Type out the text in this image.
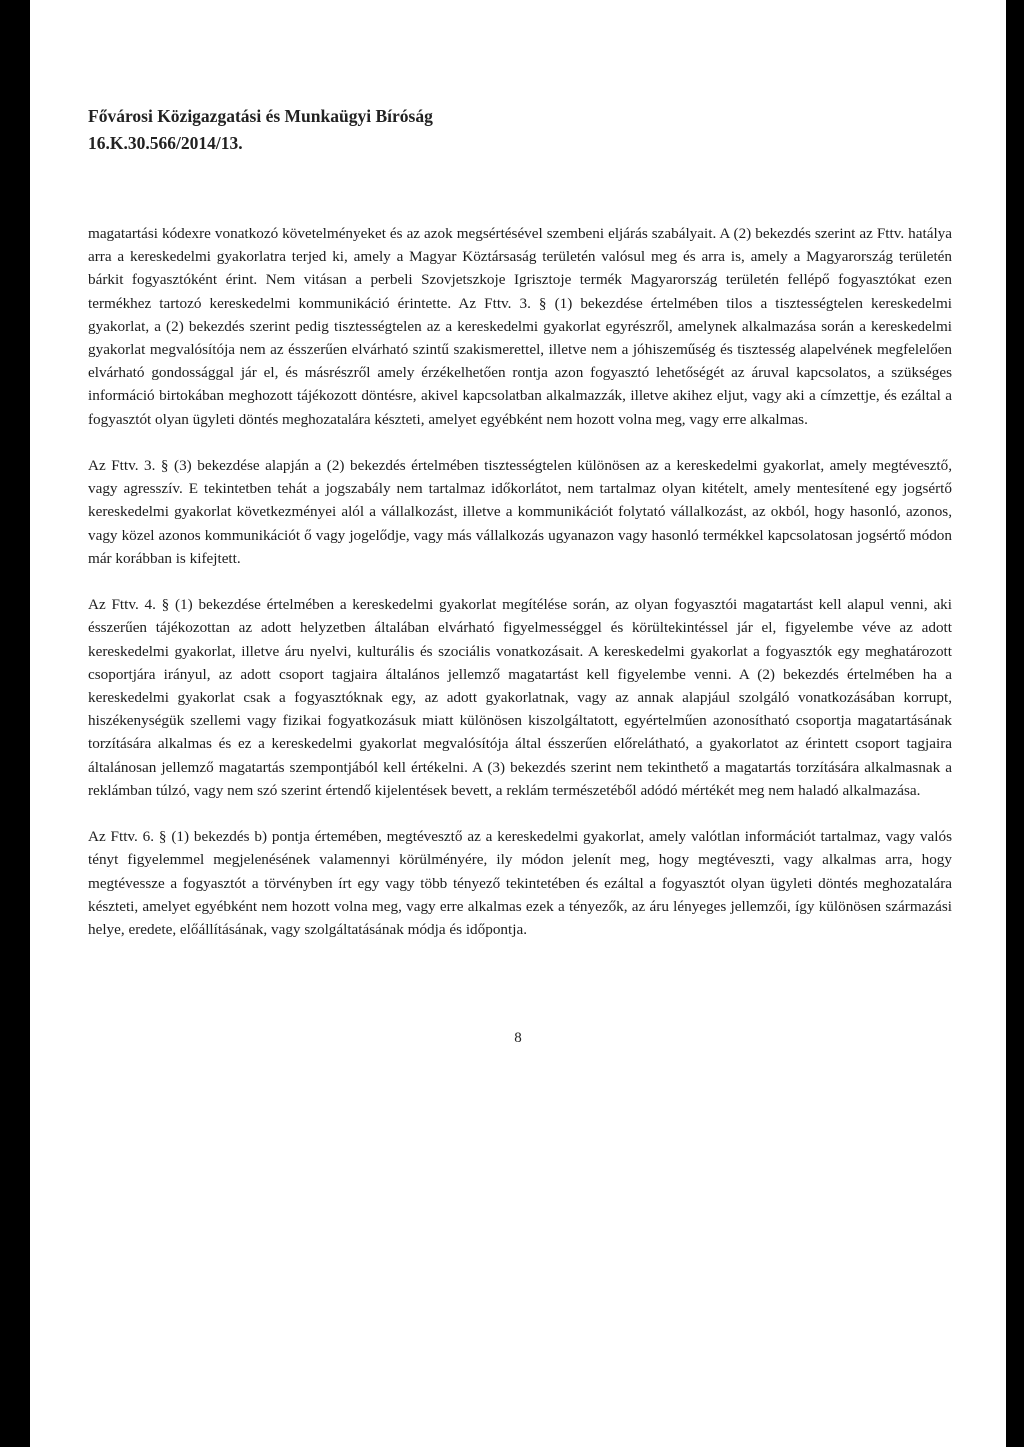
Fővárosi Közigazgatási és Munkaügyi Bíróság
16.K.30.566/2014/13.

magatartási kódexre vonatkozó követelményeket és az azok megsértésével szembeni eljárás szabályait. A (2) bekezdés szerint az Fttv. hatálya arra a kereskedelmi gyakorlatra terjed ki, amely a Magyar Köztársaság területén valósul meg és arra is, amely a Magyarország területén bárkit fogyasztóként érint. Nem vitásan a perbeli Szovjetszkoje Igrisztoje termék Magyarország területén fellépő fogyasztókat ezen termékhez tartozó kereskedelmi kommunikáció érintette. Az Fttv. 3. § (1) bekezdése értelmében tilos a tisztességtelen kereskedelmi gyakorlat, a (2) bekezdés szerint pedig tisztességtelen az a kereskedelmi gyakorlat egyrészről, amelynek alkalmazása során a kereskedelmi gyakorlat megvalósítója nem az ésszerűen elvárható szintű szakismerettel, illetve nem a jóhiszeműség és tisztesség alapelvének megfelelően elvárható gondossággal jár el, és másrészről amely érzékelhetően rontja azon fogyasztó lehetőségét az áruval kapcsolatos, a szükséges információ birtokában meghozott tájékozott döntésre, akivel kapcsolatban alkalmazzák, illetve akihez eljut, vagy aki a címzettje, és ezáltal a fogyasztót olyan ügyleti döntés meghozatalára készteti, amelyet egyébként nem hozott volna meg, vagy erre alkalmas.

Az Fttv. 3. § (3) bekezdése alapján a (2) bekezdés értelmében tisztességtelen különösen az a kereskedelmi gyakorlat, amely megtévesztő, vagy agresszív. E tekintetben tehát a jogszabály nem tartalmaz időkorlátot, nem tartalmaz olyan kitételt, amely mentesítené egy jogsértő kereskedelmi gyakorlat következményei alól a vállalkozást, illetve a kommunikációt folytató vállalkozást, az okból, hogy hasonló, azonos, vagy közel azonos kommunikációt ő vagy jogelődje, vagy más vállalkozás ugyanazon vagy hasonló termékkel kapcsolatosan jogsértő módon már korábban is kifejtett.

Az Fttv. 4. § (1) bekezdése értelmében a kereskedelmi gyakorlat megítélése során, az olyan fogyasztói magatartást kell alapul venni, aki ésszerűen tájékozottan az adott helyzetben általában elvárható figyelmességgel és körültekintéssel jár el, figyelembe véve az adott kereskedelmi gyakorlat, illetve áru nyelvi, kulturális és szociális vonatkozásait. A kereskedelmi gyakorlat a fogyasztók egy meghatározott csoportjára irányul, az adott csoport tagjaira általános jellemző magatartást kell figyelembe venni. A (2) bekezdés értelmében ha a kereskedelmi gyakorlat csak a fogyasztóknak egy, az adott gyakorlatnak, vagy az annak alapjául szolgáló vonatkozásában korrupt, hiszékenységük szellemi vagy fizikai fogyatkozásuk miatt különösen kiszolgáltatott, egyértelműen azonosítható csoportja magatartásának torzítására alkalmas és ez a kereskedelmi gyakorlat megvalósítója által ésszerűen előrelátható, a gyakorlatot az érintett csoport tagjaira általánosan jellemző magatartás szempontjából kell értékelni. A (3) bekezdés szerint nem tekinthető a magatartás torzítására alkalmasnak a reklámban túlzó, vagy nem szó szerint értendő kijelentések bevett, a reklám természetéből adódó mértékét meg nem haladó alkalmazása.

Az Fttv. 6. § (1) bekezdés b) pontja értemében, megtévesztő az a kereskedelmi gyakorlat, amely valótlan információt tartalmaz, vagy valós tényt figyelemmel megjelenésének valamennyi körülményére, ily módon jelenít meg, hogy megtéveszti, vagy alkalmas arra, hogy megtévessze a fogyasztót a törvényben írt egy vagy több tényező tekintetében és ezáltal a fogyasztót olyan ügyleti döntés meghozatalára készteti, amelyet egyébként nem hozott volna meg, vagy erre alkalmas ezek a tényezők, az áru lényeges jellemzői, így különösen származási helye, eredete, előállításának, vagy szolgáltatásának módja és időpontja.

8
